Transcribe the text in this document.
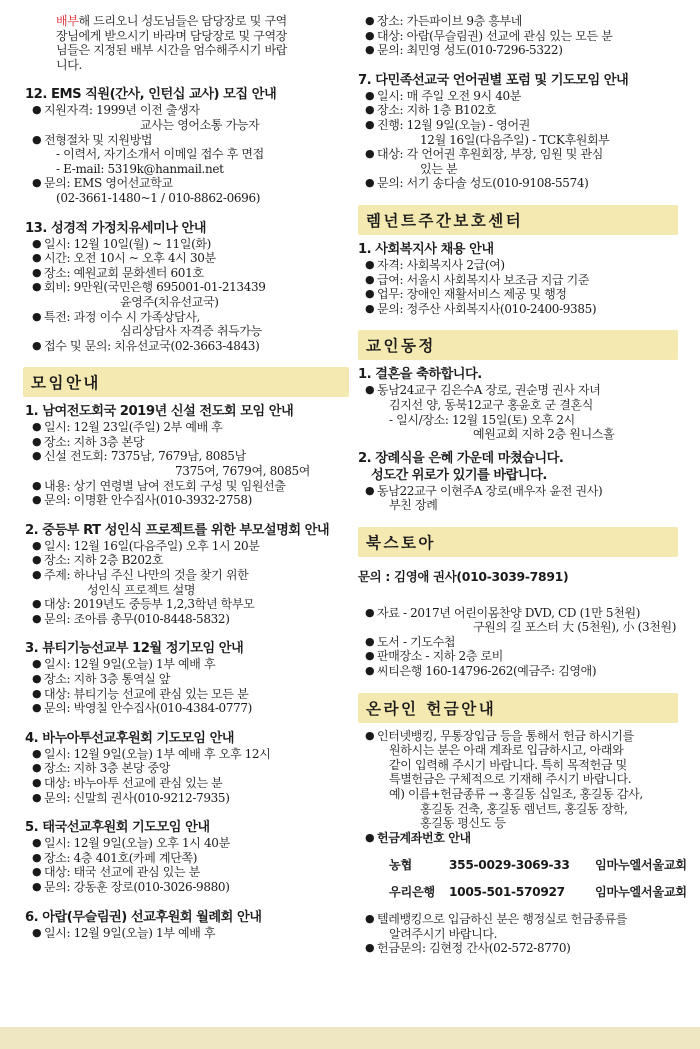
배부해 드리오니 성도님들은 담당장로 및 구역

장님에게 받으시기 바라며 담당장로 및 구역장

님들은 지정된 배부 시간을 엄수해주시기 바랍

니다.

12. EMS 직원(간사, 인턴십 교사) 모집 안내

● 지원자격: 1999년 이전 출생자

교사는 영어소통 가능자

● 전형절차 및 지원방법

- 이력서, 자기소개서 이메일 접수 후 면접

- E-mail: 5319k@hanmail.net

● 문의: EMS 영어선교학교

(02-3661-1480~1 / 010-8862-0696)

13. 성경적 가정치유세미나 안내

● 일시: 12월 10일(월) ~ 11일(화)

● 시간: 오전 10시 ~ 오후 4시 30분

● 장소: 예원교회 문화센터 601호

● 회비: 9만원(국민은행 695001-01-213439

윤영주(치유선교국)

● 특전: 과정 이수 시 가족상담사,

심리상담사 자격증 취득가능

● 접수 및 문의: 치유선교국(02-3663-4843)

모임안내

1. 남여전도회국 2019년 신설 전도회 모임 안내

● 일시: 12월 23일(주일) 2부 예배 후

● 장소: 지하 3층 본당

● 신설 전도회: 7375남, 7679남, 8085남

7375여, 7679여, 8085여

● 내용: 상기 연령별 남여 전도회 구성 및 임원선출

● 문의: 이명환 안수집사(010-3932-2758)

2. 중등부 RT 성인식 프로젝트를 위한 부모설명회 안내

● 일시: 12월 16일(다음주일) 오후 1시 20분

● 장소: 지하 2층 B202호

● 주제: 하나님 주신 나만의 것을 찾기 위한

성인식 프로젝트 설명

● 대상: 2019년도 중등부 1,2,3학년 학부모

● 문의: 조아름 총무(010-8448-5832)

3. 뷰티기능선교부 12월 정기모임 안내

● 일시: 12월 9일(오늘) 1부 예배 후

● 장소: 지하 3층 통역실 앞

● 대상: 뷰티기능 선교에 관심 있는 모든 분

● 문의: 박영칠 안수집사(010-4384-0777)

4. 바누아투선교후원회 기도모임 안내

● 일시: 12월 9일(오늘) 1부 예배 후 오후 12시

● 장소: 지하 3층 본당 중앙

● 대상: 바누아투 선교에 관심 있는 분

● 문의: 신말희 권사(010-9212-7935)

5. 태국선교후원회 기도모임 안내

● 일시: 12월 9일(오늘) 오후 1시 40분

● 장소: 4층 401호(카페 계단쪽)

● 대상: 태국 선교에 관심 있는 분

● 문의: 강동훈 장로(010-3026-9880)

6. 아랍(무슬림권) 선교후원회 월례회 안내

● 일시: 12월 9일(오늘) 1부 예배 후

● 장소: 가든파이브 9층 흥부네

● 대상: 아랍(무슬림권) 선교에 관심 있는 모든 분

● 문의: 최민영 성도(010-7296-5322)

7. 다민족선교국 언어권별 포럼 및 기도모임 안내

● 일시: 매 주일 오전 9시 40분

● 장소: 지하 1층 B102호

● 진행: 12월 9일(오늘) - 영어권

12월 16일(다음주일) - TCK후원회부

● 대상: 각 언어권 후원회장, 부장, 임원 및 관심

있는 분

● 문의: 서기 송다솔 성도(010-9108-5574)

렘넌트주간보호센터

1. 사회복지사 채용 안내

● 자격: 사회복지사 2급(여)

● 급여: 서울시 사회복지사 보조금 지급 기준

● 업무: 장애인 재활서비스 제공 및 행정

● 문의: 정주산 사회복지사(010-2400-9385)

교인동정

1. 결혼을 축하합니다.

● 동남24교구 김은수A 장로, 권순명 권사 자녀

김지선 양, 동북12교구 홍윤호 군 결혼식

- 일시/장소: 12월 15일(토) 오후 2시

예원교회 지하 2층 원니스홀

2. 장례식을 은혜 가운데 마쳤습니다.

성도간 위로가 있기를 바랍니다.

● 동남22교구 이현주A 장로(배우자 윤전 권사)

부친 장례

북스토아

문의 : 김영애 권사(010-3039-7891)

● 자료 - 2017년 어린이몸찬양 DVD, CD (1만 5천원)

구원의 길 포스터 大 (5천원), 小 (3천원)

● 도서 - 기도수첩

● 판매장소 - 지하 2층 로비

● 씨티은행 160-14796-262(예금주: 김영애)

온라인 헌금안내

● 인터넷뱅킹, 무통장입금 등을 통해서 헌금 하시기를

원하시는 분은 아래 계좌로 입금하시고, 아래와

같이 입력해 주시기 바랍니다. 특히 목적헌금 및

특별헌금은 구체적으로 기재해 주시기 바랍니다.

예) 이름+헌금종류 → 홍길동 십일조, 홍길동 감사,

홍길동 건축, 홍길동 렘넌트, 홍길동 장학,

홍길동 평신도 등

● 헌금계좌번호 안내

농협	355-0029-3069-33 임마누엘서울교회

우리은행 1005-501-570927 임마누엘서울교회

● 텔레뱅킹으로 입금하신 분은 행정실로 헌금종류를

알려주시기 바랍니다.

● 헌금문의: 김현정 간사(02-572-8770)
